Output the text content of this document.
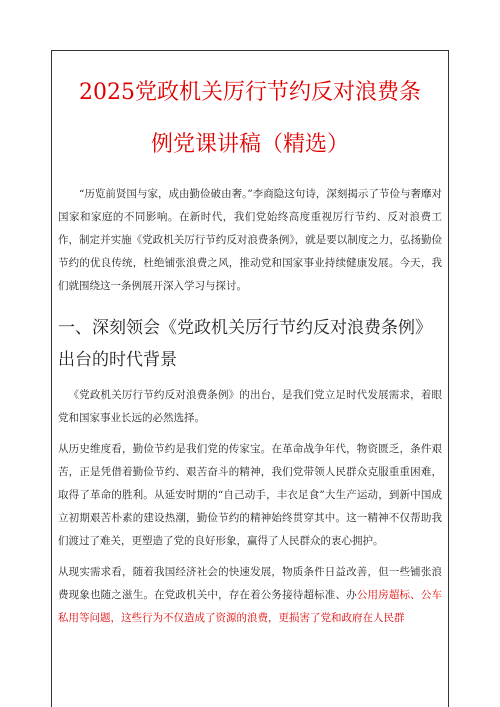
2025党政机关厉行节约反对浪费条
例党课讲稿（精选）

“历览前贤国与家，成由勤俭破由奢。”李商隐这句诗，深刻揭示了节俭与奢靡对国家和家庭的不同影响。在新时代，我们党始终高度重视厉行节约、反对浪费工作，制定并实施《党政机关厉行节约反对浪费条例》，就是要以制度之力，弘扬勤俭节约的优良传统，杜绝铺张浪费之风，推动党和国家事业持续健康发展。今天，我们就围绕这一条例展开深入学习与探讨。

一、深刻领会《党政机关厉行节约反对浪费条例》
出台的时代背景

《党政机关厉行节约反对浪费条例》的出台，是我们党立足时代发展需求，着眼党和国家事业长远的必然选择。

从历史维度看，勤俭节约是我们党的传家宝。在革命战争年代，物资匮乏，条件艰苦，正是凭借着勤俭节约、艰苦奋斗的精神，我们党带领人民群众克服重重困难，取得了革命的胜利。从延安时期的“自己动手，丰衣足食”大生产运动，到新中国成立初期艰苦朴素的建设热潮，勤俭节约的精神始终贯穿其中。这一精神不仅帮助我们渡过了难关，更塑造了党的良好形象，赢得了人民群众的衷心拥护。

从现实需求看，随着我国经济社会的快速发展，物质条件日益改善，但一些铺张浪费现象也随之滋生。在党政机关中，存在着公务接待超标准、办公用房超标、公车私用等问题，这些行为不仅造成了资源的浪费，更损害了党和政府在人民群
